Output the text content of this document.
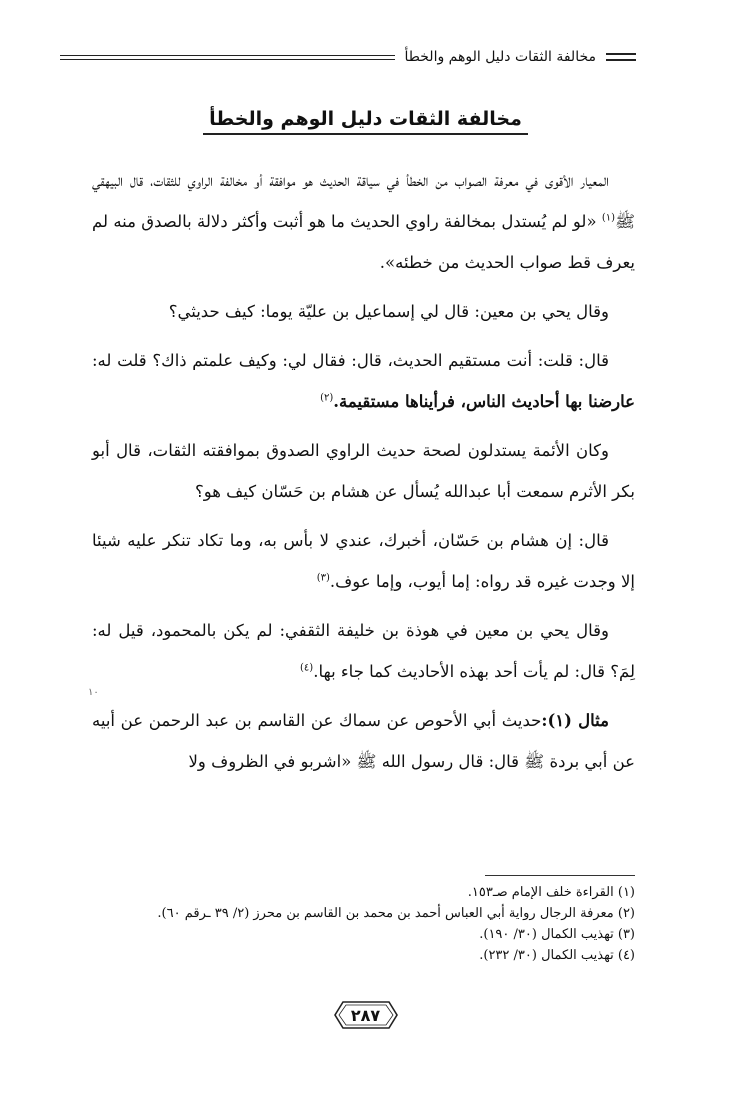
مخالفة الثقات دليل الوهم والخطأ
مخالفة الثقات دليل الوهم والخطأ

المعيار الأقوى في معرفة الصواب من الخطأ في سياقة الحديث هو موافقة أو مخالفة الراوي للثقات، قال البيهقي ﷺ$^{(١)}$ «لو لم يُستدل بمخالفة راوي الحديث ما هو أثبت وأكثر دلالة بالصدق منه لم يعرف قط صواب الحديث من خطئه».

وقال يحي بن معين: قال لي إسماعيل بن عليّة يوما: كيف حديثي؟

قال: قلت: أنت مستقيم الحديث، قال: فقال لي: وكيف علمتم ذاك؟ قلت له: عارضنا بها أحاديث الناس، فرأيناها مستقيمة.$^{(٢)}$

وكان الأئمة يستدلون لصحة حديث الراوي الصدوق بموافقته الثقات، قال أبو بكر الأثرم سمعت أبا عبدالله يُسأل عن هشام بن حَسّان كيف هو؟

قال: إن هشام بن حَسّان، أخبرك، عندي لا بأس به، وما تكاد تنكر عليه شيئا إلا وجدت غيره قد رواه: إما أيوب، وإما عوف.$^{(٣)}$

وقال يحي بن معين في هوذة بن خليفة الثقفي: لم يكن بالمحمود، قيل له: لِمَ؟ قال: لم يأت أحد بهذه الأحاديث كما جاء بها.$^{(٤)}$

مثال (١):حديث أبي الأحوص عن سماك عن القاسم بن عبد الرحمن عن أبيه عن أبي بردة ﷺ قال: قال رسول الله ﷺ «اشربو في الظروف ولا

١٠
(١) القراءة خلف الإمام صـ١٥٣.
(٢) معرفة الرجال رواية أبي العباس أحمد بن محمد بن القاسم بن محرز (٢/ ٣٩ ـرقم ٦٠).
(٣) تهذيب الكمال (٣٠/ ١٩٠).
(٤) تهذيب الكمال (٣٠/ ٢٣٢).
٢٨٧
